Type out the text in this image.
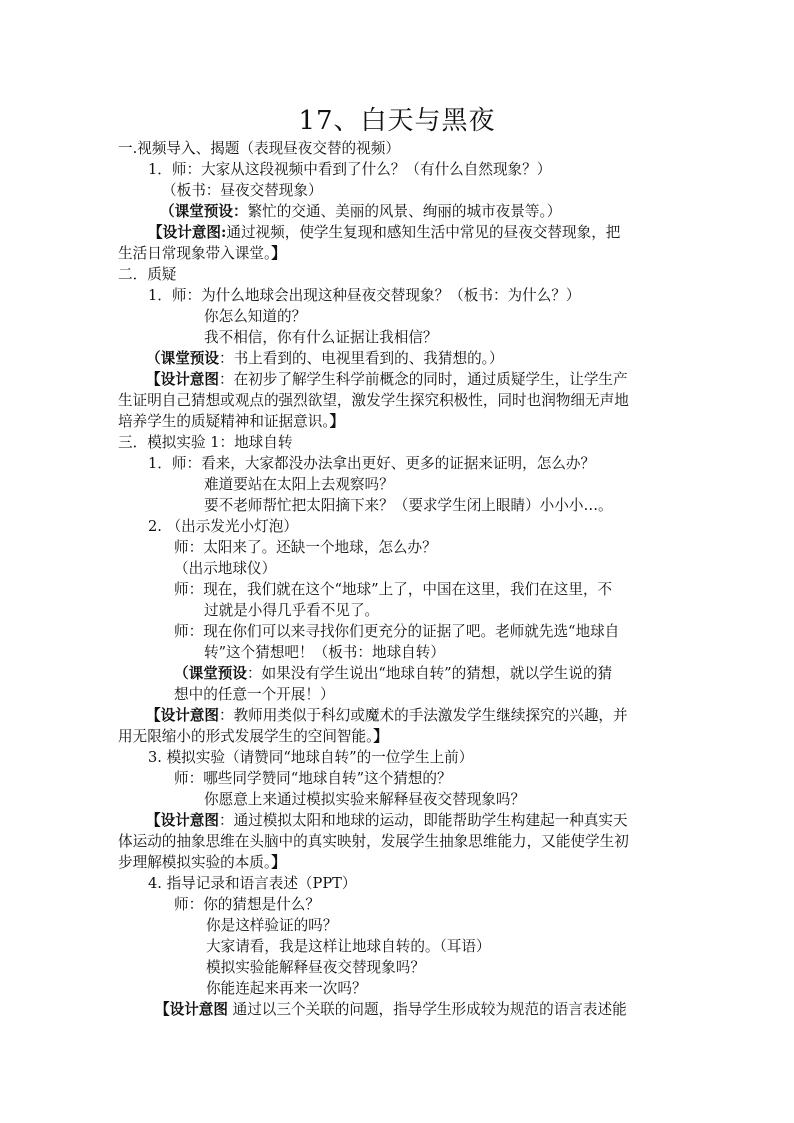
17、白天与黑夜
一.视频导入、揭题（表现昼夜交替的视频）
1．师：大家从这段视频中看到了什么？（有什么自然现象？）
（板书：昼夜交替现象）
（课堂预设：繁忙的交通、美丽的风景、绚丽的城市夜景等。）
【设计意图:通过视频，使学生复现和感知生活中常见的昼夜交替现象，把
生活日常现象带入课堂。】
二．质疑
1．师：为什么地球会出现这种昼夜交替现象？（板书：为什么？）
你怎么知道的？
我不相信，你有什么证据让我相信？
（课堂预设：书上看到的、电视里看到的、我猜想的。）
【设计意图：在初步了解学生科学前概念的同时，通过质疑学生，让学生产
生证明自己猜想或观点的强烈欲望，激发学生探究积极性，同时也润物细无声地
培养学生的质疑精神和证据意识。】
三．模拟实验 1：地球自转
1．师：看来，大家都没办法拿出更好、更多的证据来证明，怎么办？
难道要站在太阳上去观察吗？
要不老师帮忙把太阳摘下来？（要求学生闭上眼睛）小小小…。
2. （出示发光小灯泡）
师：太阳来了。还缺一个地球，怎么办？
（出示地球仪）
师：现在，我们就在这个“地球”上了，中国在这里，我们在这里，不
过就是小得几乎看不见了。
师：现在你们可以来寻找你们更充分的证据了吧。老师就先选“地球自
转”这个猜想吧！（板书：地球自转）
（课堂预设：如果没有学生说出“地球自转”的猜想，就以学生说的猜
想中的任意一个开展！）
【设计意图：教师用类似于科幻或魔术的手法激发学生继续探究的兴趣，并
用无限缩小的形式发展学生的空间智能。】
3. 模拟实验（请赞同“地球自转”的一位学生上前）
师：哪些同学赞同“地球自转”这个猜想的？
你愿意上来通过模拟实验来解释昼夜交替现象吗？
【设计意图：通过模拟太阳和地球的运动，即能帮助学生构建起一种真实天
体运动的抽象思维在头脑中的真实映射，发展学生抽象思维能力，又能使学生初
步理解模拟实验的本质。】
4. 指导记录和语言表述（PPT）
师：你的猜想是什么？
你是这样验证的吗？
大家请看，我是这样让地球自转的。（耳语）
模拟实验能解释昼夜交替现象吗？
你能连起来再来一次吗？
【设计意图 通过以三个关联的问题，指导学生形成较为规范的语言表述能
